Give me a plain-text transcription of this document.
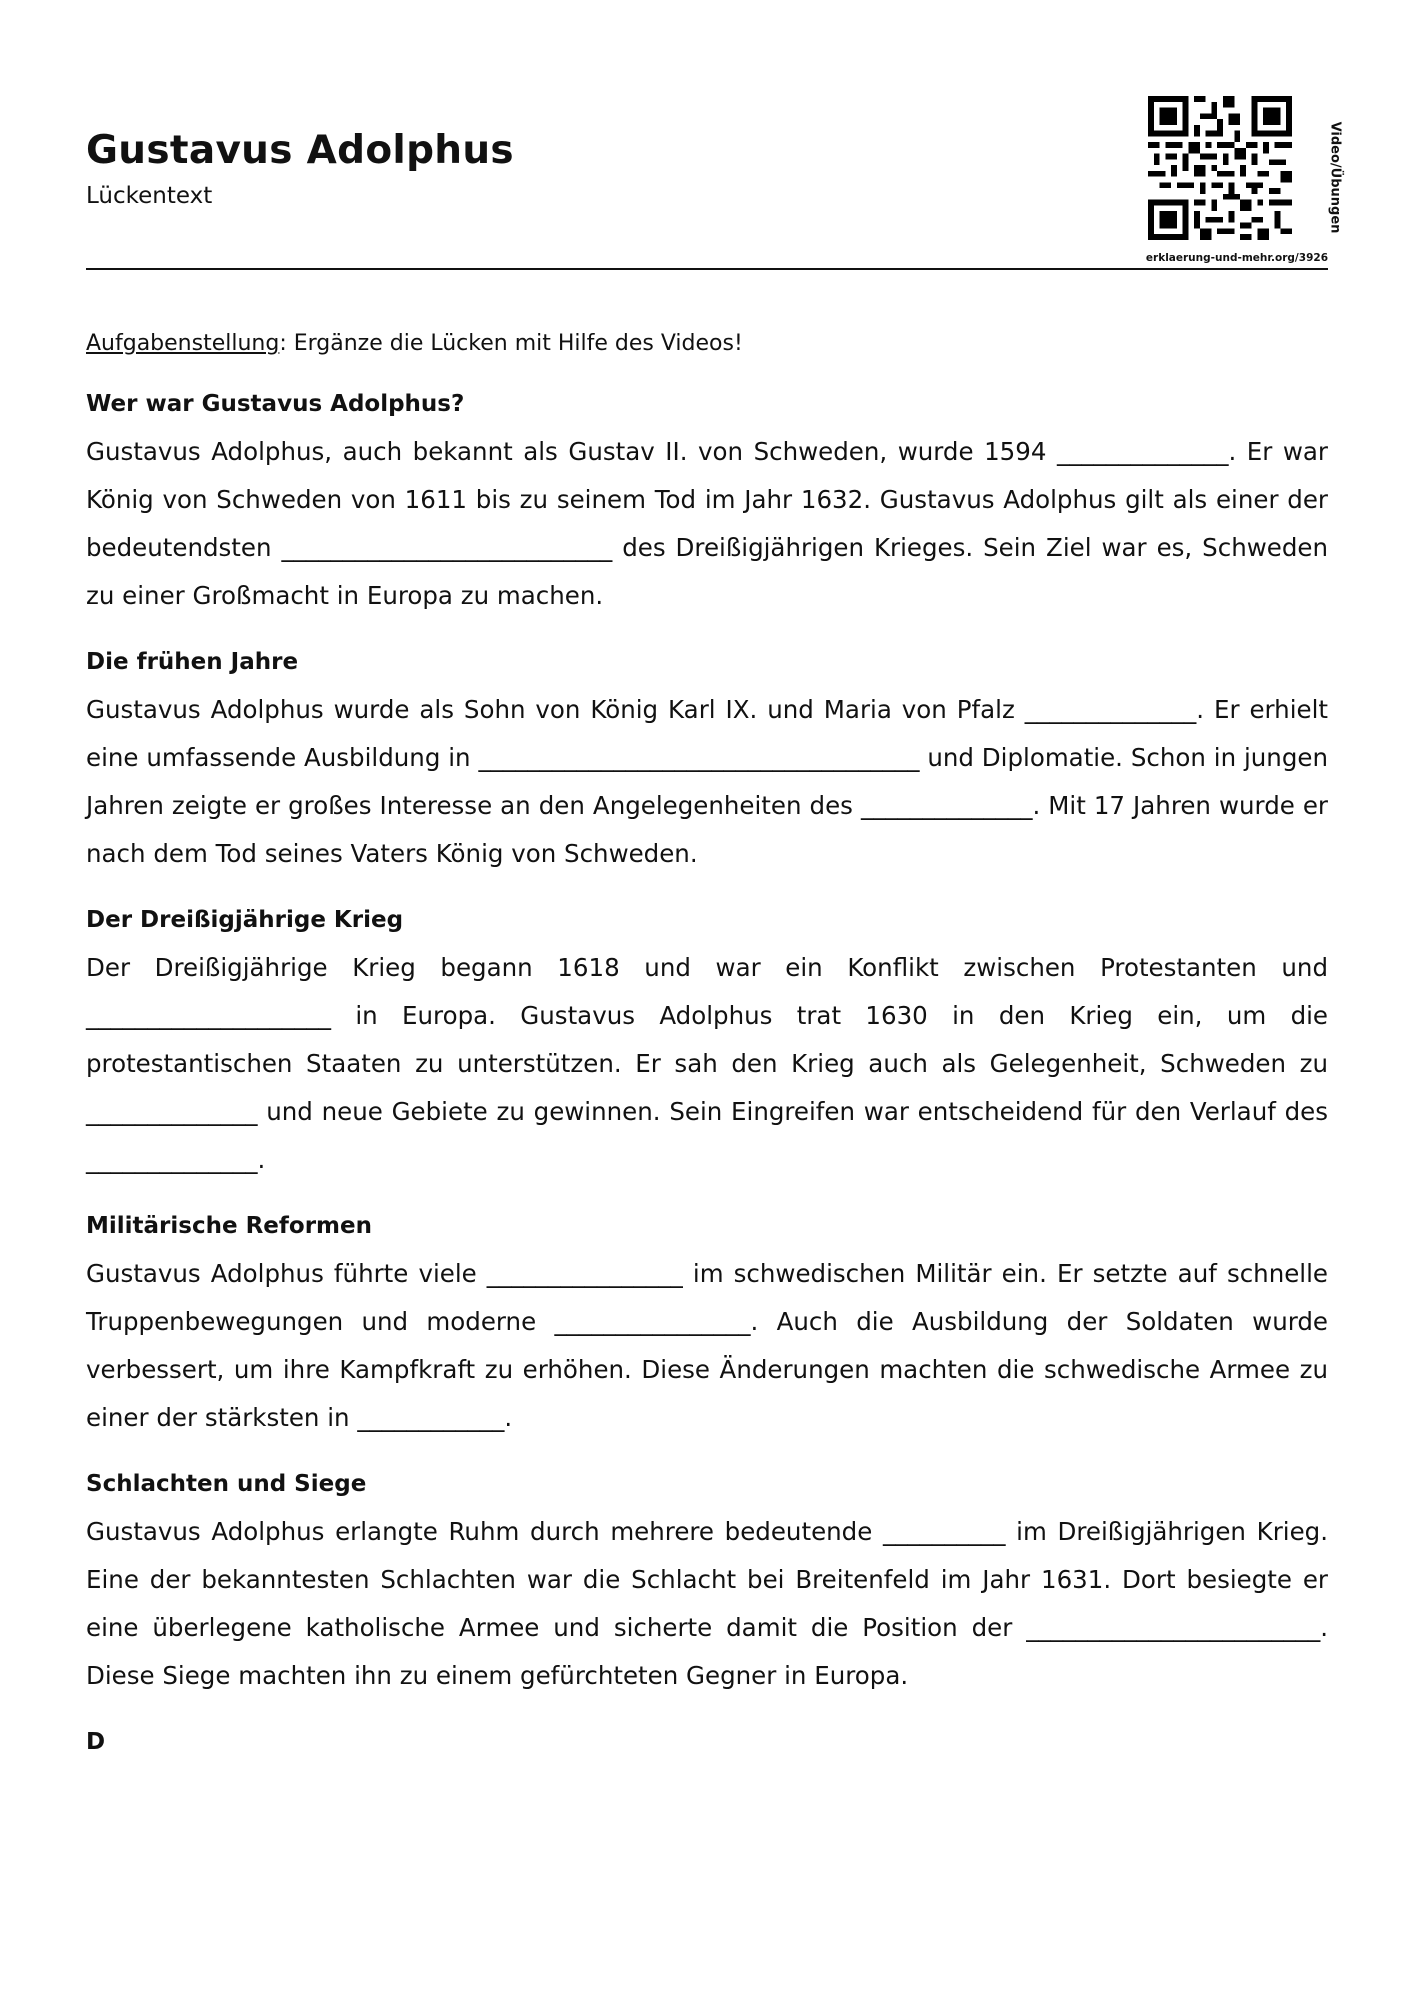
Gustavus Adolphus
Lückentext	Video/Übungen
erklaerung-und-mehr.org/3926

Aufgabenstellung: Ergänze die Lücken mit Hilfe des Videos!

Wer war Gustavus Adolphus?

Gustavus Adolphus, auch bekannt als Gustav II. von Schweden, wurde 1594 ______________. Er war König von Schweden von 1611 bis zu seinem Tod im Jahr 1632. Gustavus Adolphus gilt als einer der bedeutendsten ___________________________ des Dreißigjährigen Krieges. Sein Ziel war es, Schweden zu einer Großmacht in Europa zu machen.

Die frühen Jahre

Gustavus Adolphus wurde als Sohn von König Karl IX. und Maria von Pfalz ______________. Er erhielt eine umfassende Ausbildung in ____________________________________ und Diplomatie. Schon in jungen Jahren zeigte er großes Interesse an den Angelegenheiten des ______________. Mit 17 Jahren wurde er nach dem Tod seines Vaters König von Schweden.

Der Dreißigjährige Krieg

Der Dreißigjährige Krieg begann 1618 und war ein Konflikt zwischen Protestanten und ____________________ in Europa. Gustavus Adolphus trat 1630 in den Krieg ein, um die protestantischen Staaten zu unterstützen. Er sah den Krieg auch als Gelegenheit, Schweden zu ______________ und neue Gebiete zu gewinnen. Sein Eingreifen war entscheidend für den Verlauf des ______________.

Militärische Reformen

Gustavus Adolphus führte viele ________________ im schwedischen Militär ein. Er setzte auf schnelle Truppenbewegungen und moderne ________________. Auch die Ausbildung der Soldaten wurde verbessert, um ihre Kampfkraft zu erhöhen. Diese Änderungen machten die schwedische Armee zu einer der stärksten in ____________.

Schlachten und Siege

Gustavus Adolphus erlangte Ruhm durch mehrere bedeutende __________ im Dreißigjährigen Krieg. Eine der bekanntesten Schlachten war die Schlacht bei Breitenfeld im Jahr 1631. Dort besiegte er eine überlegene katholische Armee und sicherte damit die Position der ________________________. Diese Siege machten ihn zu einem gefürchteten Gegner in Europa.

D
